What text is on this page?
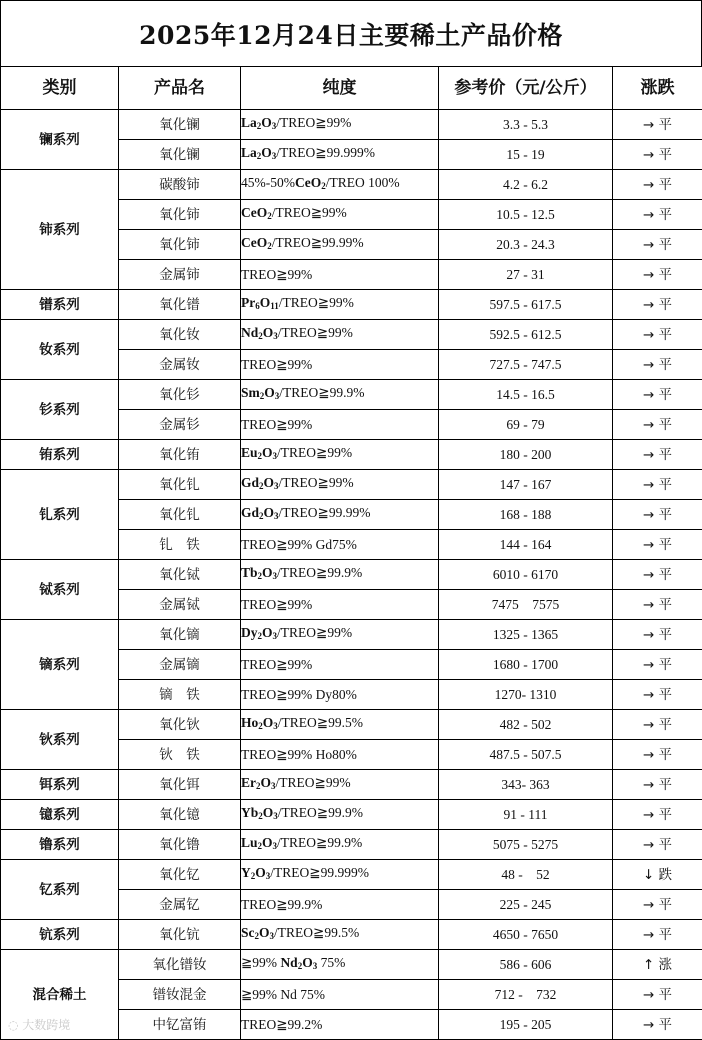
2025年12月24日主要稀土产品价格
类别	产品名	纯度	参考价（元/公斤）	涨跌
镧系列	氧化镧	$La_2O_3/TREO≧99\%$	3.3 - 5.3	→ 平
	氧化镧	$La_2O_3/TREO≧99.999\%$	15 - 19	→ 平
铈系列	碳酸铈	45%-50%CeO$_2$/TREO 100%	4.2 - 6.2	→ 平
	氧化铈	CeO$_2$/TREO≧99%	10.5 - 12.5	→ 平
	氧化铈	CeO$_2$/TREO≧99.99%	20.3 - 24.3	→ 平
	金属铈	TREO≧99%	27 - 31	→ 平
镨系列	氧化镨	$Pr_6O_{11}/TREO≧99\%$	597.5 - 617.5	→ 平
钕系列	氧化钕	$Nd_2O_3/TREO≧99\%$	592.5 - 612.5	→ 平
	金属钕	TREO≧99%	727.5 - 747.5	→ 平
钐系列	氧化钐	$Sm_2O_3/TREO≧99.9\%$	14.5 - 16.5	→ 平
	金属钐	TREO≧99%	69 - 79	→ 平
铕系列	氧化铕	$Eu_2O_3/TREO≧99\%$	180 - 200	→ 平
钆系列	氧化钆	$Gd_2O_3/TREO≧99\%$	147 - 167	→ 平
	氧化钆	$Gd_2O_3/TREO≧99.99\%$	168 - 188	→ 平
	钆　铁	TREO≧99% Gd75%	144 - 164	→ 平
铽系列	氧化铽	$Tb_2O_3/TREO≧99.9\%$	6010 - 6170	→ 平
	金属铽	TREO≧99%	7475　7575	→ 平
镝系列	氧化镝	$Dy_2O_3/TREO≧99\%$	1325 - 1365	→ 平
	金属镝	TREO≧99%	1680 - 1700	→ 平
	镝　铁	TREO≧99% Dy80%	1270- 1310	→ 平
钬系列	氧化钬	$Ho_2O_3/TREO≧99.5\%$	482 - 502	→ 平
	钬　铁	TREO≧99% Ho80%	487.5 - 507.5	→ 平
铒系列	氧化铒	$Er_2O_3/TREO≧99\%$	343- 363	→ 平
镱系列	氧化镱	$Yb_2O_3/TREO≧99.9\%$	91 - 111	→ 平
镥系列	氧化镥	$Lu_2O_3/TREO≧99.9\%$	5075 - 5275	→ 平
钇系列	氧化钇	$Y_2O_3/TREO≧99.999\%$	48 -　52	↓ 跌
	金属钇	TREO≧99.9%	225 - 245	→ 平
钪系列	氧化钪	$Sc_2O_3/TREO≧99.5\%$	4650 - 7650	→ 平
混合稀土	氧化镨钕	≧99% $Nd_2O_3$ 75%	586 - 606	↑ 涨
	镨钕混金	≧99% Nd 75%	712 -　732	→ 平
	中钇富铕	TREO≧99.2%	195 - 205	→ 平
◌ 大数跨境
